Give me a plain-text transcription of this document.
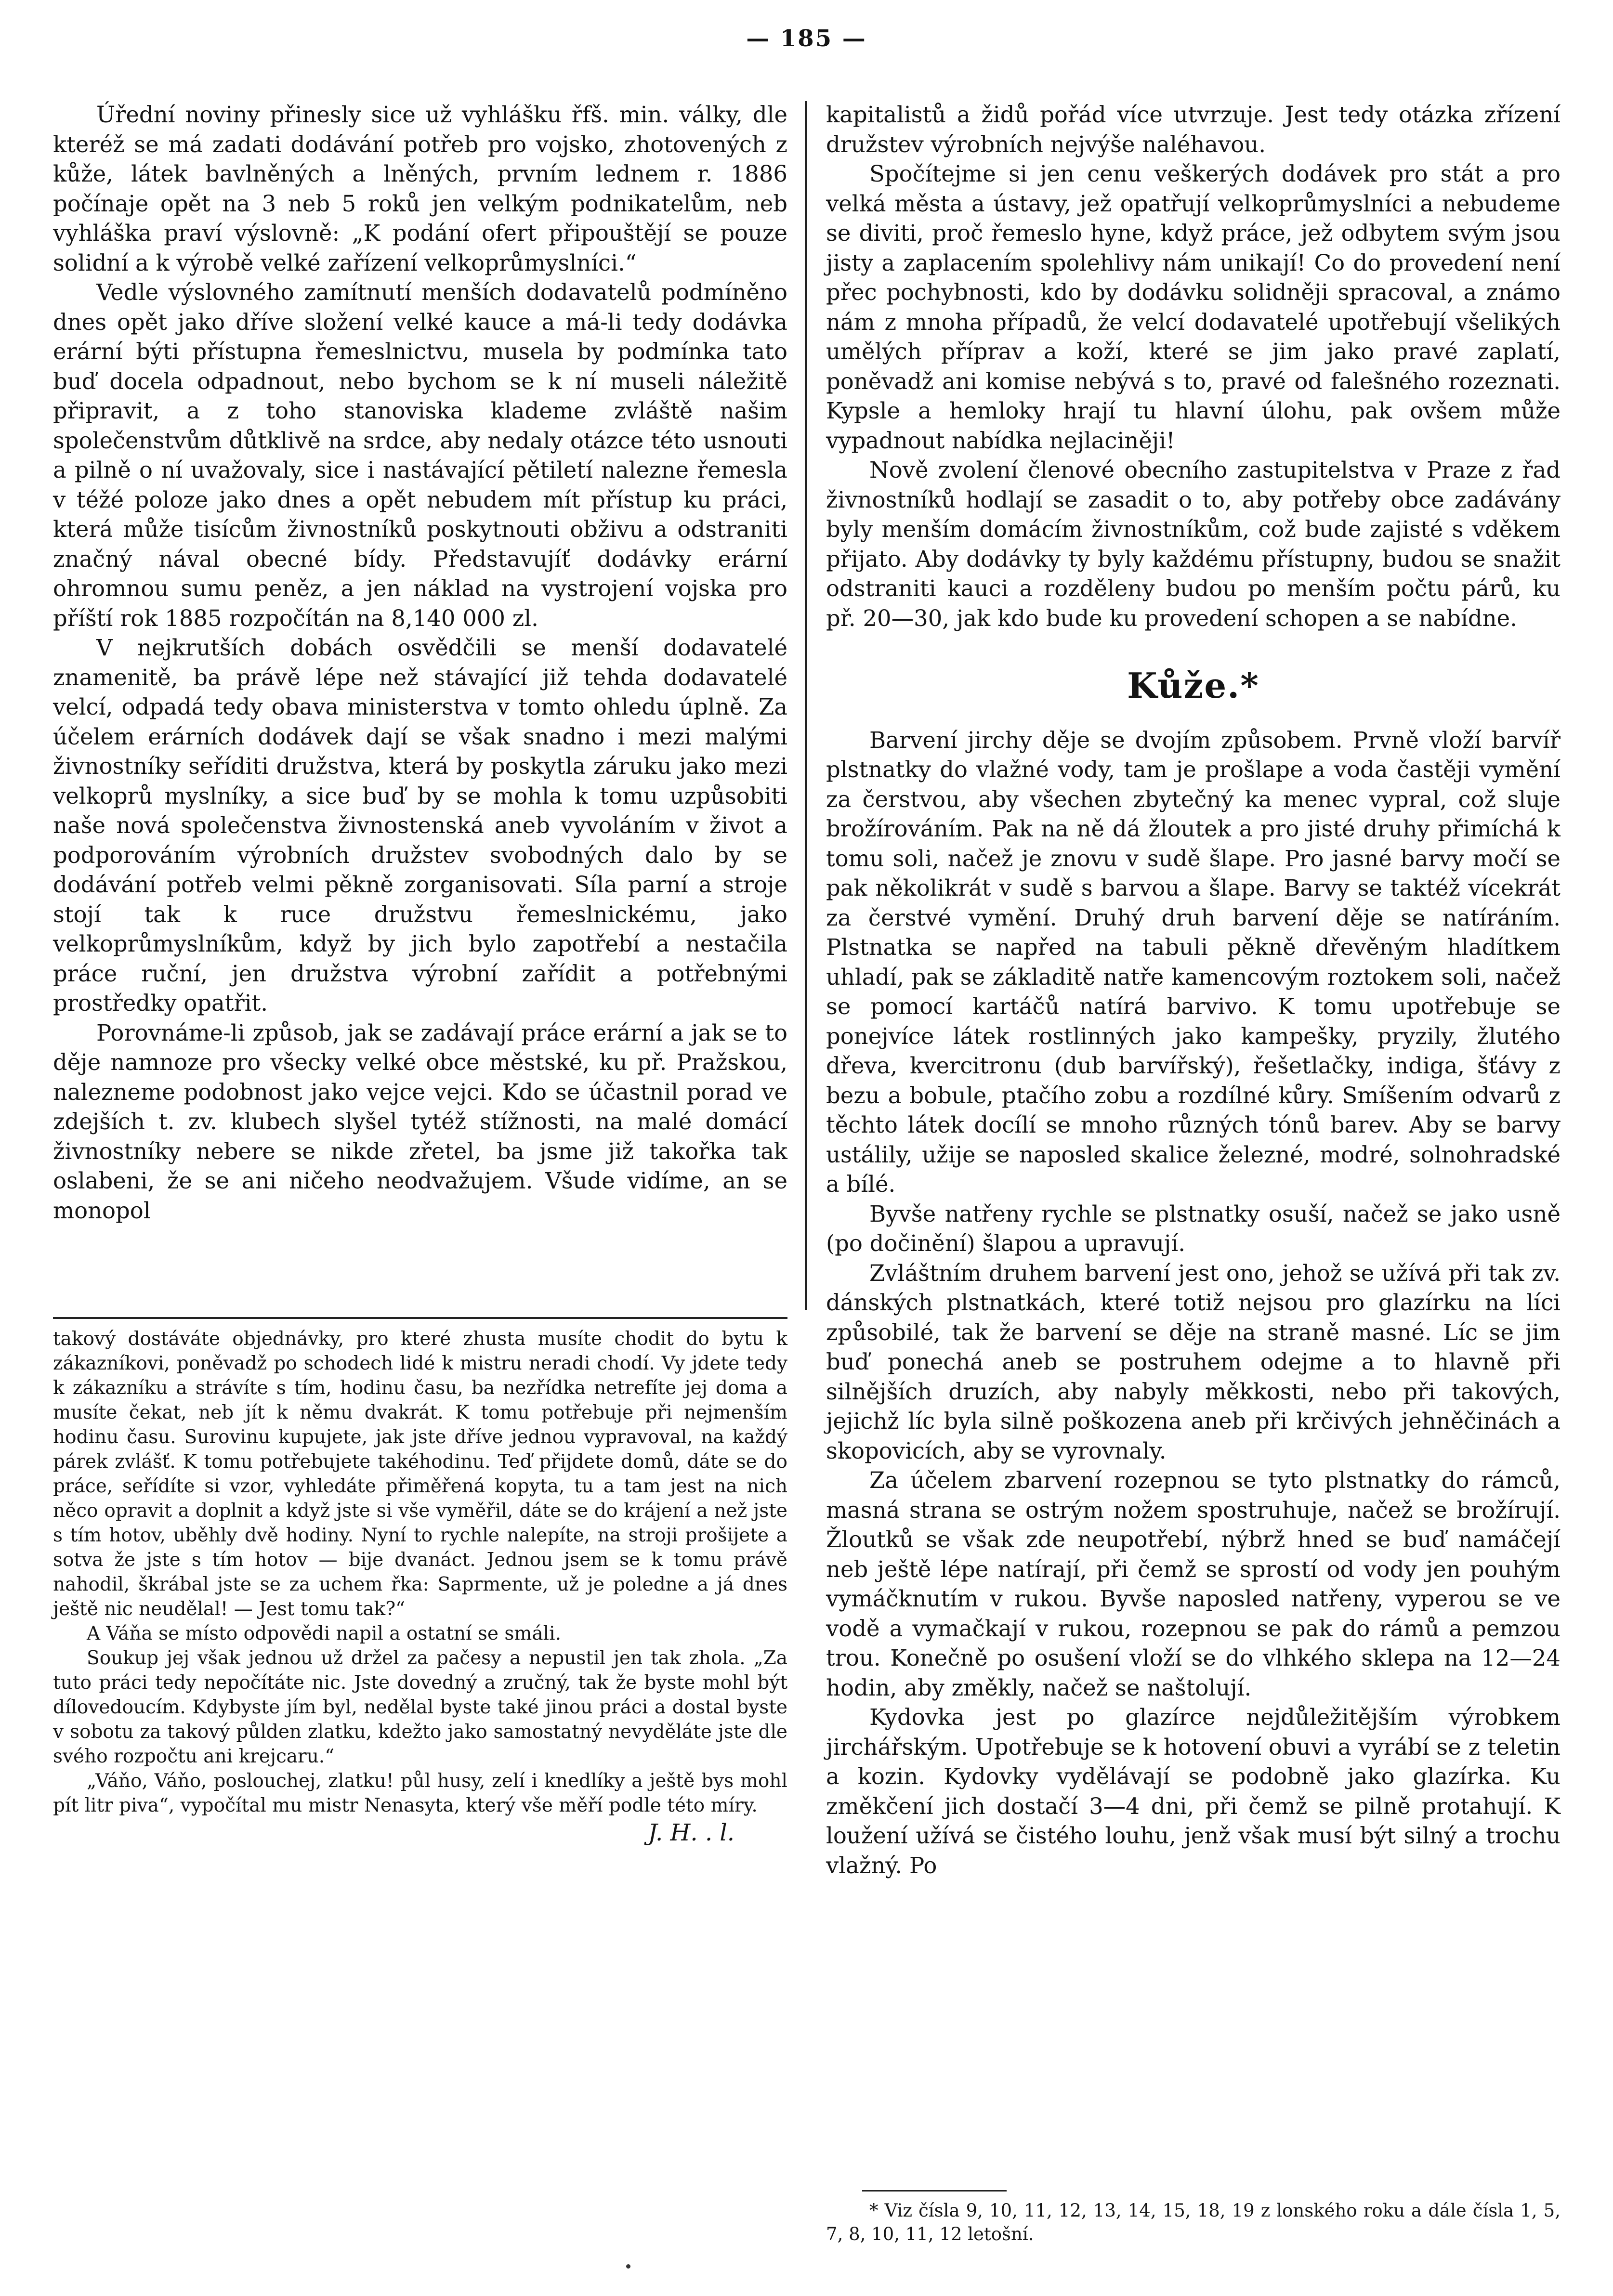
— 185 —

Úřední noviny přinesly sice už vyhlášku řfš. min. války, dle kteréž se má zadati dodávání potřeb pro vojsko, zhotovených z kůže, látek bavlněných a lněných, prvním lednem r. 1886 počínaje opět na 3 neb 5 roků jen velkým podnikatelům, neb vyhláška praví výslovně: „K podání ofert připouštějí se pouze solidní a k výrobě velké zařízení velkoprůmyslníci.“

Vedle výslovného zamítnutí menších dodavatelů podmíněno dnes opět jako dříve složení velké kauce a má-li tedy dodávka erární býti přístupna řemeslnictvu, musela by podmínka tato buď docela odpadnout, nebo bychom se k ní museli náležitě připravit, a z toho stanoviska klademe zvláště našim společenstvům důtklivě na srdce, aby nedaly otázce této usnouti a pilně o ní uvažovaly, sice i nastávající pětiletí nalezne řemesla v téžé poloze jako dnes a opět nebudem mít přístup ku práci, která může tisícům živnostníků poskytnouti obživu a odstraniti značný nával obecné bídy. Představujíť dodávky erární ohromnou sumu peněz, a jen náklad na vystrojení vojska pro příští rok 1885 rozpočítán na 8,140 000 zl.

V nejkrutších dobách osvědčili se menší dodavatelé znamenitě, ba právě lépe než stávající již tehda dodavatelé velcí, odpadá tedy obava ministerstva v tomto ohledu úplně. Za účelem erárních dodávek dají se však snadno i mezi malými živnostníky seříditi družstva, která by poskytla záruku jako mezi velkoprů myslníky, a sice buď by se mohla k tomu uzpůsobiti naše nová společenstva živnostenská aneb vyvoláním v život a podporováním výrobních družstev svobodných dalo by se dodávání potřeb velmi pěkně zorganisovati. Síla parní a stroje stojí tak k ruce družstvu řemeslnickému, jako velkoprůmyslníkům, když by jich bylo zapotřebí a nestačila práce ruční, jen družstva výrobní zařídit a potřebnými prostředky opatřit.

Porovnáme-li způsob, jak se zadávají práce erární a jak se to děje namnoze pro všecky velké obce městské, ku př. Pražskou, nalezneme podobnost jako vejce vejci. Kdo se účastnil porad ve zdejších t. zv. klubech slyšel tytéž stížnosti, na malé domácí živnostníky nebere se nikde zřetel, ba jsme již takořka tak oslabeni, že se ani ničeho neodvažujem. Všude vidíme, an se monopol

takový dostáváte objednávky, pro které zhusta musíte chodit do bytu k zákazníkovi, poněvadž po schodech lidé k mistru neradi chodí. Vy jdete tedy k zákazníku a strávíte s tím, hodinu času, ba nezřídka netrefíte jej doma a musíte čekat, neb jít k němu dvakrát. K tomu potřebuje při nejmenším hodinu času. Surovinu kupujete, jak jste dříve jednou vypravoval, na každý párek zvlášť. K tomu potřebujete takéhodinu. Teď přijdete domů, dáte se do práce, seřídíte si vzor, vyhledáte přiměřená kopyta, tu a tam jest na nich něco opravit a doplnit a když jste si vše vyměřil, dáte se do krájení a než jste s tím hotov, uběhly dvě hodiny. Nyní to rychle nalepíte, na stroji prošijete a sotva že jste s tím hotov — bije dvanáct. Jednou jsem se k tomu právě nahodil, škrábal jste se za uchem řka: Saprmente, už je poledne a já dnes ještě nic neudělal! — Jest tomu tak?“

A Váňa se místo odpovědi napil a ostatní se smáli.

Soukup jej však jednou už držel za pačesy a nepustil jen tak zhola. „Za tuto práci tedy nepočítáte nic. Jste dovedný a zručný, tak že byste mohl být dílovedoucím. Kdybyste jím byl, nedělal byste také jinou práci a dostal byste v sobotu za takový půlden zlatku, kdežto jako samostatný nevyděláte jste dle svého rozpočtu ani krejcaru.“

„Váňo, Váňo, poslouchej, zlatku! půl husy, zelí i knedlíky a ještě bys mohl pít litr piva“, vypočítal mu mistr Nenasyta, který vše měří podle této míry.

J. H. . l.

kapitalistů a židů pořád více utvrzuje. Jest tedy otázka zřízení družstev výrobních nejvýše naléhavou.

Spočítejme si jen cenu veškerých dodávek pro stát a pro velká města a ústavy, jež opatřují velkoprůmyslníci a nebudeme se diviti, proč řemeslo hyne, když práce, jež odbytem svým jsou jisty a zaplacením spolehlivy nám unikají! Co do provedení není přec pochybnosti, kdo by dodávku solidněji spracoval, a známo nám z mnoha případů, že velcí dodavatelé upotřebují všelikých umělých příprav a koží, které se jim jako pravé zaplatí, poněvadž ani komise nebývá s to, pravé od falešného rozeznati. Kypsle a hemloky hrají tu hlavní úlohu, pak ovšem může vypadnout nabídka nejlaciněji!

Nově zvolení členové obecního zastupitelstva v Praze z řad živnostníků hodlají se zasadit o to, aby potřeby obce zadávány byly menším domácím živnostníkům, což bude zajisté s vděkem přijato. Aby dodávky ty byly každému přístupny, budou se snažit odstraniti kauci a rozděleny budou po menším počtu párů, ku př. 20—30, jak kdo bude ku provedení schopen a se nabídne.

Kůže.*

Barvení jirchy děje se dvojím způsobem. Prvně vloží barvíř plstnatky do vlažné vody, tam je prošlape a voda častěji vymění za čerstvou, aby všechen zbytečný ka menec vypral, což sluje brožírováním. Pak na ně dá žloutek a pro jisté druhy přimíchá k tomu soli, načež je znovu v sudě šlape. Pro jasné barvy močí se pak několikrát v sudě s barvou a šlape. Barvy se taktéž vícekrát za čerstvé vymění. Druhý druh barvení děje se natíráním. Plstnatka se napřed na tabuli pěkně dřevěným hladítkem uhladí, pak se základitě natře kamencovým roztokem soli, načež se pomocí kartáčů natírá barvivo. K tomu upotřebuje se ponejvíce látek rostlinných jako kampešky, pryzily, žlutého dřeva, kvercitronu (dub barvířský), řešetlačky, indiga, šťávy z bezu a bobule, ptačího zobu a rozdílné kůry. Smíšením odvarů z těchto látek docílí se mnoho různých tónů barev. Aby se barvy ustálily, užije se naposled skalice železné, modré, solnohradské a bílé.

Byvše natřeny rychle se plstnatky osuší, načež se jako usně (po dočinění) šlapou a upravují.

Zvláštním druhem barvení jest ono, jehož se užívá při tak zv. dánských plstnatkách, které totiž nejsou pro glazírku na líci způsobilé, tak že barvení se děje na straně masné. Líc se jim buď ponechá aneb se postruhem odejme a to hlavně při silnějších druzích, aby nabyly měkkosti, nebo při takových, jejichž líc byla silně poškozena aneb při krčivých jehněčinách a skopovicích, aby se vyrovnaly.

Za účelem zbarvení rozepnou se tyto plstnatky do rámců, masná strana se ostrým nožem spostruhuje, načež se brožírují. Žloutků se však zde neupotřebí, nýbrž hned se buď namáčejí neb ještě lépe natírají, při čemž se sprostí od vody jen pouhým vymáčknutím v rukou. Byvše naposled natřeny, vyperou se ve vodě a vymačkají v rukou, rozepnou se pak do rámů a pemzou trou. Konečně po osušení vloží se do vlhkého sklepa na 12—24 hodin, aby změkly, načež se naštolují.

Kydovka jest po glazírce nejdůležitějším výrobkem jirchářským. Upotřebuje se k hotovení obuvi a vyrábí se z teletin a kozin. Kydovky vydělávají se podobně jako glazírka. Ku změkčení jich dostačí 3—4 dni, při čemž se pilně protahují. K loužení užívá se čistého louhu, jenž však musí být silný a trochu vlažný. Po

* Viz čísla 9, 10, 11, 12, 13, 14, 15, 18, 19 z lonského roku a dále čísla 1, 5, 7, 8, 10, 11, 12 letošní.
